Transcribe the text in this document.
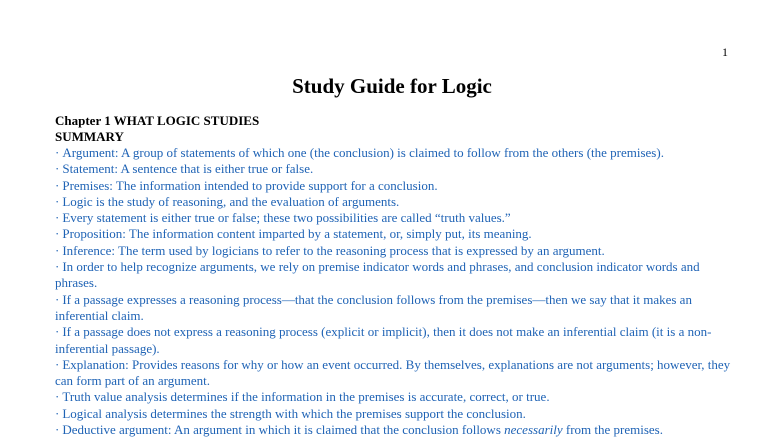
1
Study Guide for Logic
Chapter 1 WHAT LOGIC STUDIES
SUMMARY
· Argument: A group of statements of which one (the conclusion) is claimed to follow from the others (the premises).
· Statement: A sentence that is either true or false.
· Premises: The information intended to provide support for a conclusion.
· Logic is the study of reasoning, and the evaluation of arguments.
· Every statement is either true or false; these two possibilities are called “truth values.”
· Proposition: The information content imparted by a statement, or, simply put, its meaning.
· Inference: The term used by logicians to refer to the reasoning process that is expressed by an argument.
· In order to help recognize arguments, we rely on premise indicator words and phrases, and conclusion indicator words and phrases.
· If a passage expresses a reasoning process—that the conclusion follows from the premises—then we say that it makes an inferential claim.
· If a passage does not express a reasoning process (explicit or implicit), then it does not make an inferential claim (it is a non-inferential passage).
· Explanation: Provides reasons for why or how an event occurred. By themselves, explanations are not arguments; however, they can form part of an argument.
· Truth value analysis determines if the information in the premises is accurate, correct, or true.
· Logical analysis determines the strength with which the premises support the conclusion.
· Deductive argument: An argument in which it is claimed that the conclusion follows necessarily from the premises.
